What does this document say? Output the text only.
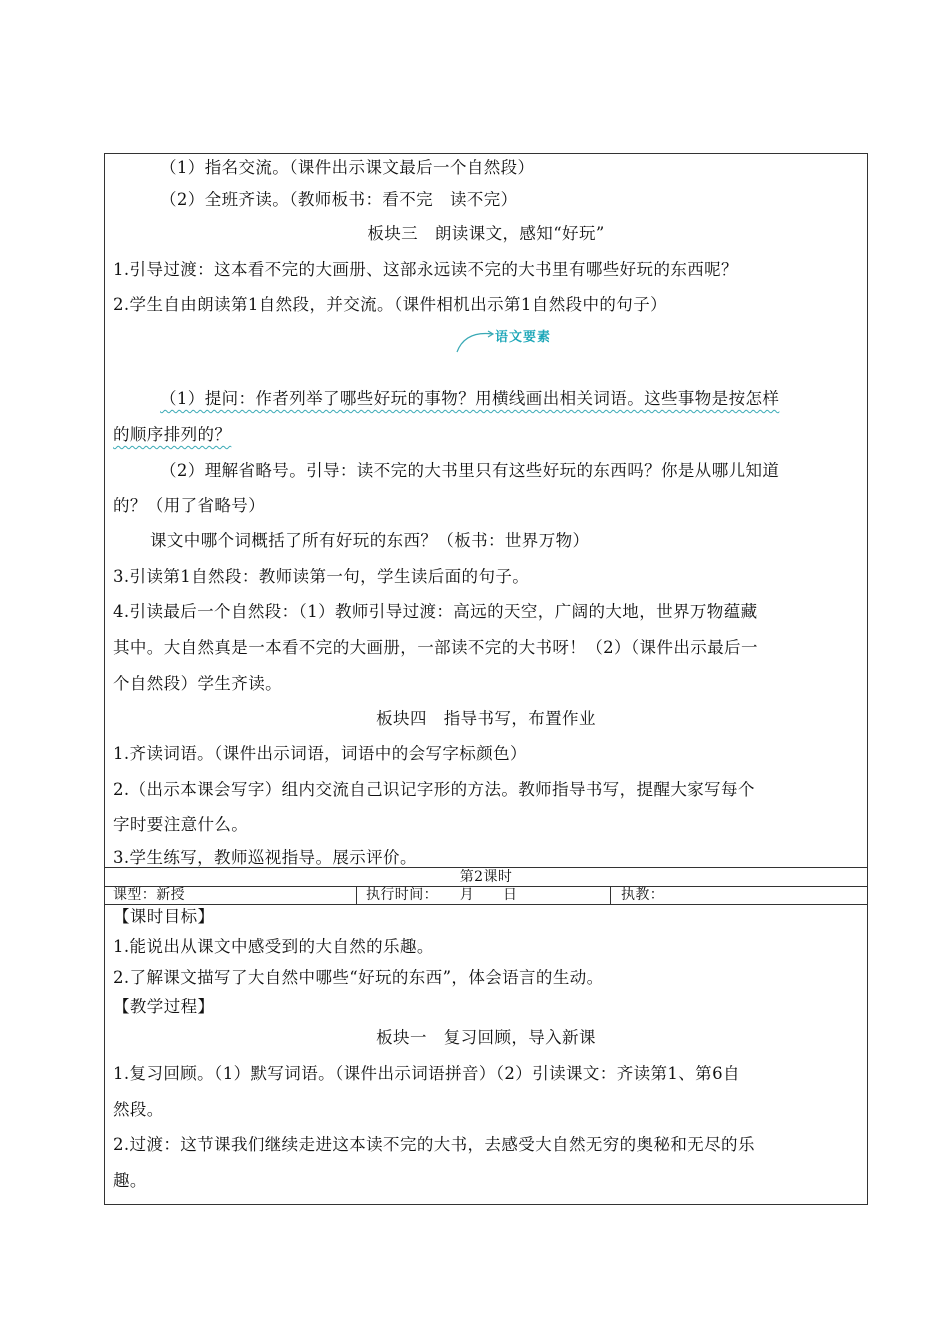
（1）指名交流。（课件出示课文最后一个自然段）
（2）全班齐读。（教师板书：看不完　读不完）
板块三　朗读课文，感知“好玩”
1.引导过渡：这本看不完的大画册、这部永远读不完的大书里有哪些好玩的东西呢？
2.学生自由朗读第1自然段，并交流。（课件相机出示第1自然段中的句子）
语文要素
（1）提问：作者列举了哪些好玩的事物？用横线画出相关词语。这些事物是按怎样
的顺序排列的？
（2）理解省略号。引导：读不完的大书里只有这些好玩的东西吗？你是从哪儿知道
的？（用了省略号）
课文中哪个词概括了所有好玩的东西？（板书：世界万物）
3.引读第1自然段：教师读第一句，学生读后面的句子。
4.引读最后一个自然段：（1）教师引导过渡：高远的天空，广阔的大地，世界万物蕴藏
其中。大自然真是一本看不完的大画册，一部读不完的大书呀！（2）（课件出示最后一
个自然段）学生齐读。
板块四　指导书写，布置作业
1.齐读词语。（课件出示词语，词语中的会写字标颜色）
2.（出示本课会写字）组内交流自己识记字形的方法。教师指导书写，提醒大家写每个
字时要注意什么。
3.学生练写，教师巡视指导。展示评价。
第2课时
课型：新授	执行时间：　　月　　日	执教：
【课时目标】
1.能说出从课文中感受到的大自然的乐趣。
2.了解课文描写了大自然中哪些“好玩的东西”，体会语言的生动。
【教学过程】
板块一　复习回顾，导入新课
1.复习回顾。（1）默写词语。（课件出示词语拼音）（2）引读课文：齐读第1、第6自
然段。
2.过渡：这节课我们继续走进这本读不完的大书，去感受大自然无穷的奥秘和无尽的乐
趣。
